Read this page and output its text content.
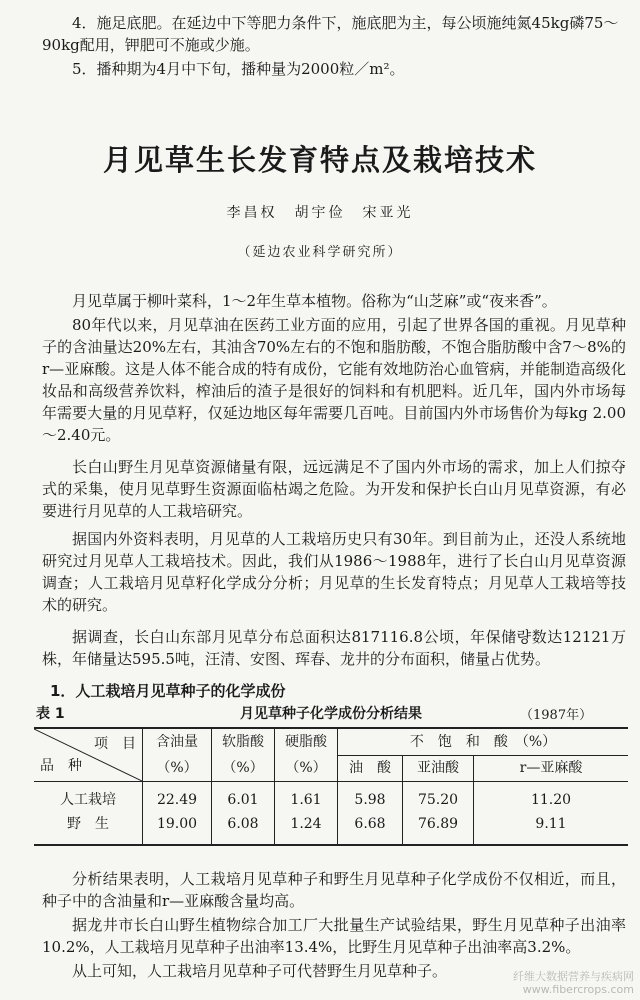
4．施足底肥。在延边中下等肥力条件下，施底肥为主，每公顷施纯氮45kg磷75～90kg配用，钾肥可不施或少施。

5．播种期为4月中下旬，播种量为2000粒／m²。

月见草生长发育特点及栽培技术
李昌权　胡宇俭　宋亚光
（延边农业科学研究所）

月见草属于柳叶菜科，1～2年生草本植物。俗称为“山芝麻”或“夜来香”。

80年代以来，月见草油在医药工业方面的应用，引起了世界各国的重视。月见草种子的含油量达20%左右，其油含70%左右的不饱和脂肪酸，不饱合脂肪酸中含7～8%的r—亚麻酸。这是人体不能合成的特有成份，它能有效地防治心血管病，并能制造高级化妆品和高级营养饮料，榨油后的渣子是很好的饲料和有机肥料。近几年，国内外市场每年需要大量的月见草籽，仅延边地区每年需要几百吨。目前国内外市场售价为每kg 2.00～2.40元。

长白山野生月见草资源储量有限，远远满足不了国内外市场的需求，加上人们掠夺式的采集，使月见草野生资源面临枯竭之危险。为开发和保护长白山月见草资源，有必要进行月见草的人工栽培研究。

据国内外资料表明，月见草的人工栽培历史只有30年。到目前为止，还没人系统地研究过月见草人工栽培技术。因此，我们从1986～1988年，进行了长白山月见草资源调查；人工栽培月见草籽化学成分分析；月见草的生长发育特点；月见草人工栽培等技术的研究。

据调查，长白山东部月见草分布总面积达817116.8公顷，年保储량数达12121万株，年储量达595.5吨，汪清、安图、珲春、龙井的分布面积，储量占优势。

1．人工栽培月见草种子的化学成份
表 1	月见草种子化学成份分析结果	（1987年）
项　目
品　种	含油量	软脂酸	硬脂酸	不　饱　和　酸　（%）		
	（%）	（%）	（%）	油　酸	亚油酸	r—亚麻酸
人工栽培	22.49	6.01	1.61	5.98	75.20	11.20
野　生	19.00	6.08	1.24	6.68	76.89	9.11

分析结果表明，人工栽培月见草种子和野生月见草种子化学成份不仅相近，而且，种子中的含油量和r—亚麻酸含量均高。

据龙井市长白山野生植物综合加工厂大批量生产试验结果，野生月见草种子出油率10.2%，人工栽培月见草种子出油率13.4%，比野生月见草种子出油率高3.2%。

从上可知，人工栽培月见草种子可代替野生月见草种子。	纤维大数据营养与疾病网
www.fibercrops.com
